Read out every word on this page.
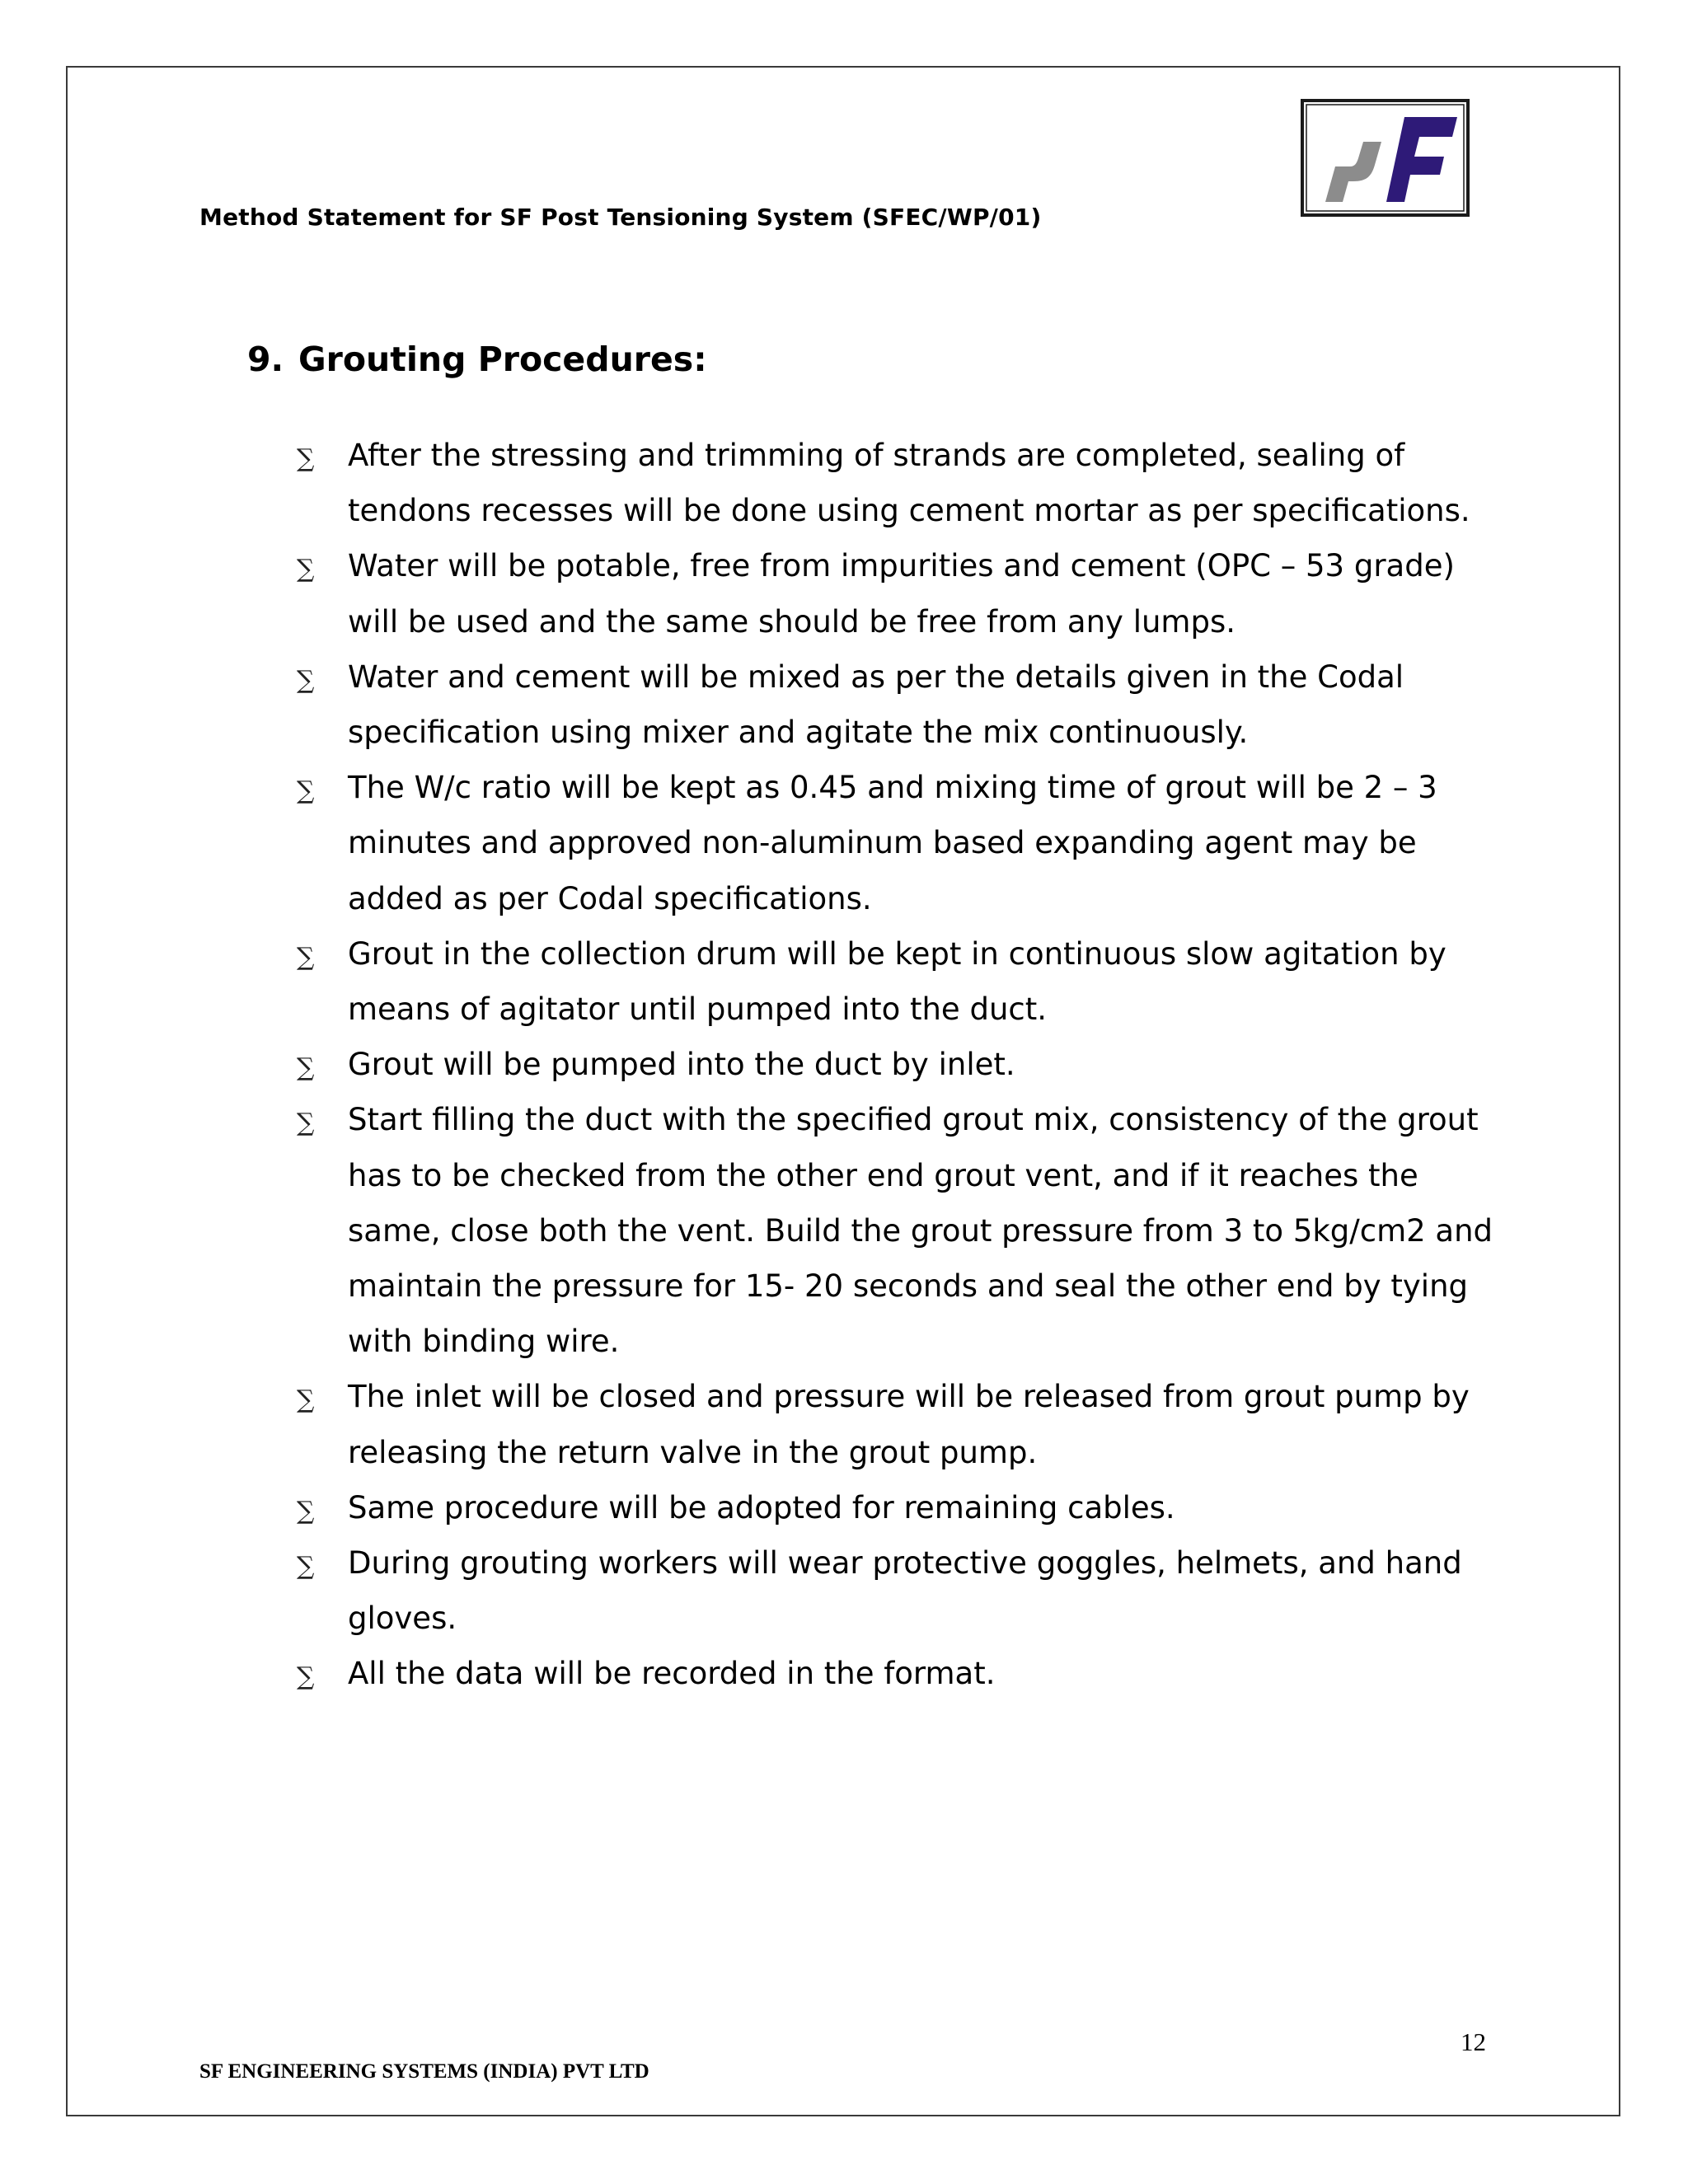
Method Statement for SF Post Tensioning System (SFEC/WP/01)
9. Grouting Procedures:
∑ After the stressing and trimming of strands are completed, sealing of tendons recesses will be done using cement mortar as per specifications.
∑ Water will be potable, free from impurities and cement (OPC – 53 grade) will be used and the same should be free from any lumps.
∑ Water and cement will be mixed as per the details given in the Codal specification using mixer and agitate the mix continuously.
∑ The W/c ratio will be kept as 0.45 and mixing time of grout will be 2 – 3 minutes and approved non-aluminum based expanding agent may be added as per Codal specifications.
∑ Grout in the collection drum will be kept in continuous slow agitation by means of agitator until pumped into the duct.
∑ Grout will be pumped into the duct by inlet.
∑ Start filling the duct with the specified grout mix, consistency of the grout has to be checked from the other end grout vent, and if it reaches the same, close both the vent. Build the grout pressure from 3 to 5kg/cm2 and maintain the pressure for 15- 20 seconds and seal the other end by tying with binding wire.
∑ The inlet will be closed and pressure will be released from grout pump by releasing the return valve in the grout pump.
∑ Same procedure will be adopted for remaining cables.
∑ During grouting workers will wear protective goggles, helmets, and hand gloves.
∑ All the data will be recorded in the format.
12
SF ENGINEERING SYSTEMS (INDIA) PVT LTD
